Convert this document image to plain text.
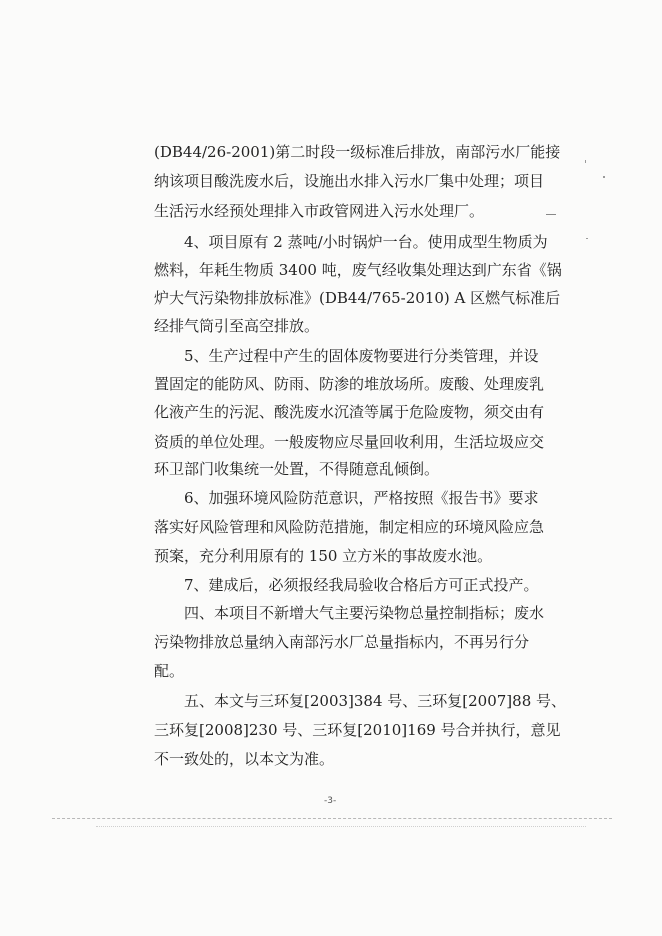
(DB44/26-2001)第二时段一级标准后排放，南部污水厂能接
纳该项目酸洗废水后，设施出水排入污水厂集中处理；项目
生活污水经预处理排入市政管网进入污水处理厂。
4、项目原有 2 蒸吨/小时锅炉一台。使用成型生物质为
燃料，年耗生物质 3400 吨，废气经收集处理达到广东省《锅
炉大气污染物排放标准》(DB44/765-2010) A 区燃气标准后
经排气筒引至高空排放。
5、生产过程中产生的固体废物要进行分类管理，并设
置固定的能防风、防雨、防渗的堆放场所。废酸、处理废乳
化液产生的污泥、酸洗废水沉渣等属于危险废物，须交由有
资质的单位处理。一般废物应尽量回收利用，生活垃圾应交
环卫部门收集统一处置，不得随意乱倾倒。
6、加强环境风险防范意识，严格按照《报告书》要求
落实好风险管理和风险防范措施，制定相应的环境风险应急
预案，充分利用原有的 150 立方米的事故废水池。
7、建成后，必须报经我局验收合格后方可正式投产。
四、本项目不新增大气主要污染物总量控制指标；废水
污染物排放总量纳入南部污水厂总量指标内，不再另行分
配。
五、本文与三环复[2003]384 号、三环复[2007]88 号、
三环复[2008]230 号、三环复[2010]169 号合并执行，意见
不一致处的，以本文为准。
-3-
